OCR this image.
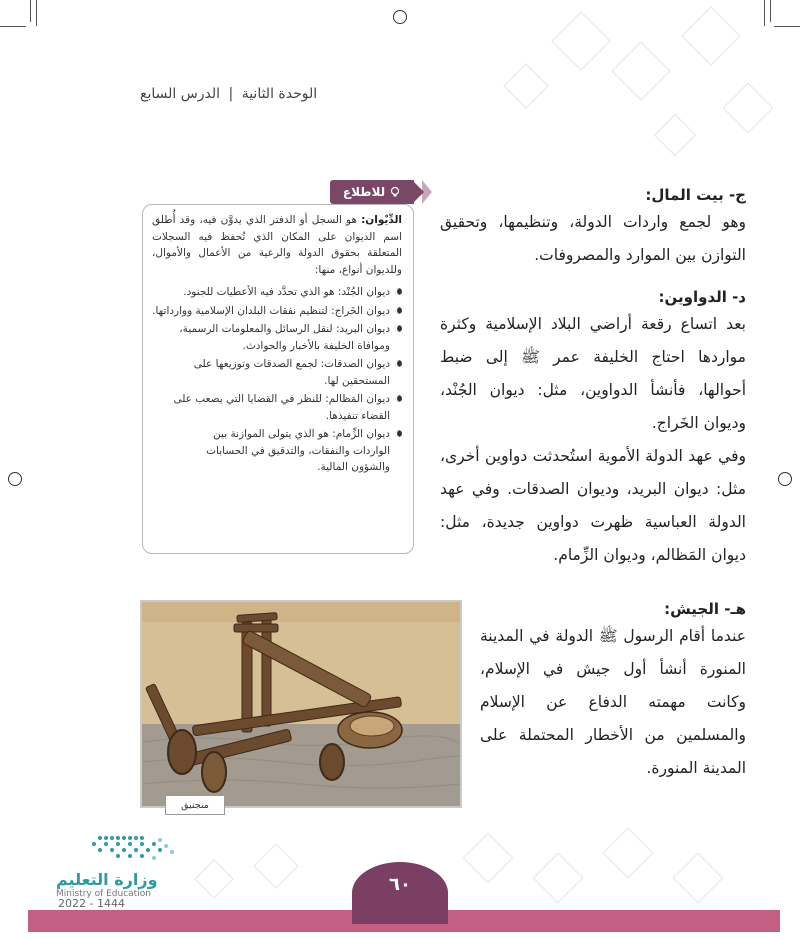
الوحدة الثانية | الدرس السابع
ج- بيت المال:
وهو لجمع واردات الدولة، وتنظيمها، وتحقيق التوازن بين الموارد والمصروفات.
د- الدواوين:
بعد اتساع رقعة أراضي البلاد الإسلامية وكثرة مواردها احتاج الخليفة عمر ﷺ إلى ضبط أحوالها، فأنشأ الدواوين، مثل: ديوان الجُنْد، وديوان الخَراج.
وفي عهد الدولة الأموية استُحدثت دواوين أخرى، مثل: ديوان البريد، وديوان الصدقات. وفي عهد الدولة العباسية ظهرت دواوين جديدة، مثل: ديوان المَظالم، وديوان الزِّمام.
هـ- الجيش:
عندما أقام الرسول ﷺ الدولة في المدينة المنورة أنشأ أول جيش في الإسلام، وكانت مهمته الدفاع عن الإسلام والمسلمين من الأخطار المحتملة على المدينة المنورة.
للاطلاع
الدِّيْوان: هو السجل أو الدفتر الذي يدوَّن فيه، وقد أُطلق اسم الديوان على المكان الذي تُحفظ فيه السجلات المتعلقة بحقوق الدولة والرعية من الأعمال والأموال، وللديوان أنواع، منها:
ديوان الجُنْد: هو الذي تحدَّد فيه الأعطيات للجنود.
ديوان الخَراج: لتنظيم نفقات البلدان الإسلامية ووارداتها.
ديوان البريد: لنقل الرسائل والمعلومات الرسمية، وموافاة الخليفة بالأخبار والحوادث.
ديوان الصدقات: لجمع الصدقات وتوزيعها على المستحقين لها.
ديوان المَظالم: للنظر في القضايا التي يصعب على القضاء تنفيذها.
ديوان الزِّمام: هو الذي يتولى الموازنة بين الواردات والنفقات، والتدقيق في الحسابات والشؤون المالية.
منجنيق
وزارة التعليم
Ministry of Education
2022 - 1444
٦٠
